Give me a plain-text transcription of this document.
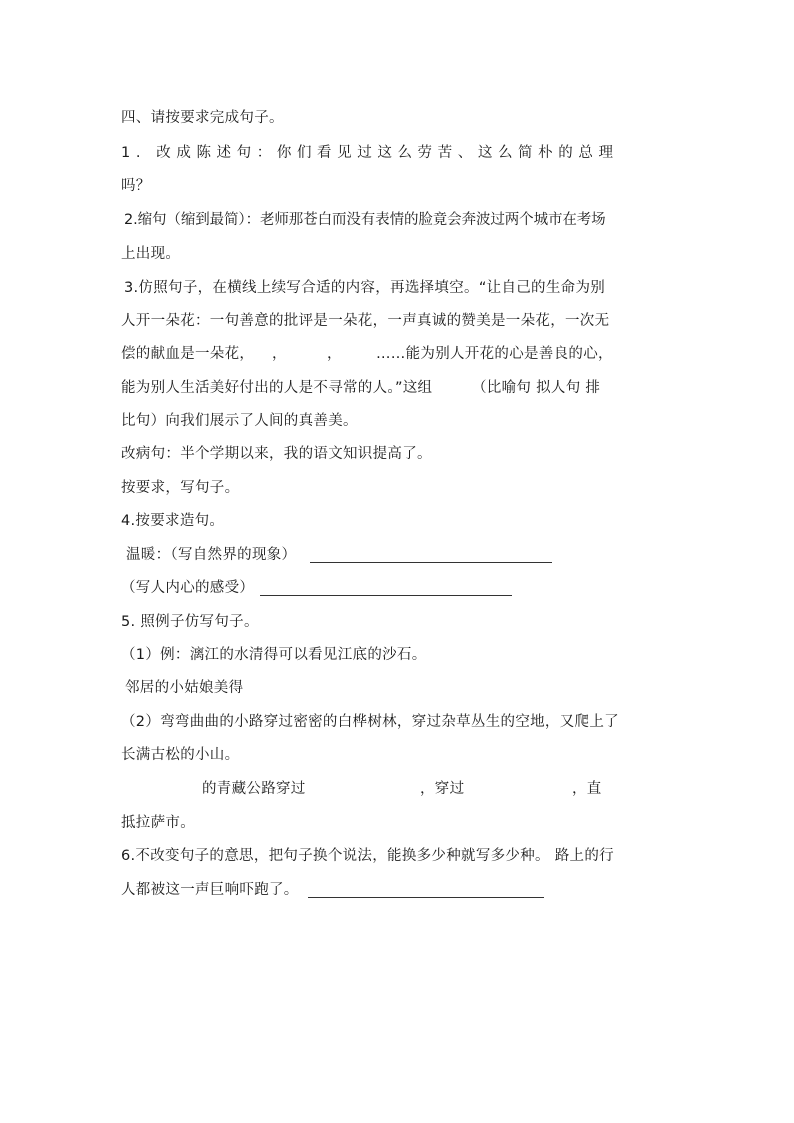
四、请按要求完成句子。
1. 改成陈述句：你们看见过这么劳苦、这么简朴的总理
吗？
2.缩句（缩到最简）：老师那苍白而没有表情的脸竟会奔波过两个城市在考场
上出现。
3.仿照句子，在横线上续写合适的内容，再选择填空。“让自己的生命为别
人开一朵花：一句善意的批评是一朵花，一声真诚的赞美是一朵花，一次无
偿的献血是一朵花， ，	， ……能为别人开花的心是善良的心，
能为别人生活美好付出的人是不寻常的人。”这组	（比喻句 拟人句 排
比句）向我们展示了人间的真善美。
改病句：半个学期以来，我的语文知识提高了。
按要求，写句子。
4.按要求造句。
温暖：（写自然界的现象）
（写人内心的感受）
5. 照例子仿写句子。
（1）例：漓江的水清得可以看见江底的沙石。
邻居的小姑娘美得
（2）弯弯曲曲的小路穿过密密的白桦树林，穿过杂草丛生的空地，又爬上了
长满古松的小山。
的青藏公路穿过	，穿过	，直
抵拉萨市。
6.不改变句子的意思，把句子换个说法，能换多少种就写多少种。 路上的行
人都被这一声巨响吓跑了。
